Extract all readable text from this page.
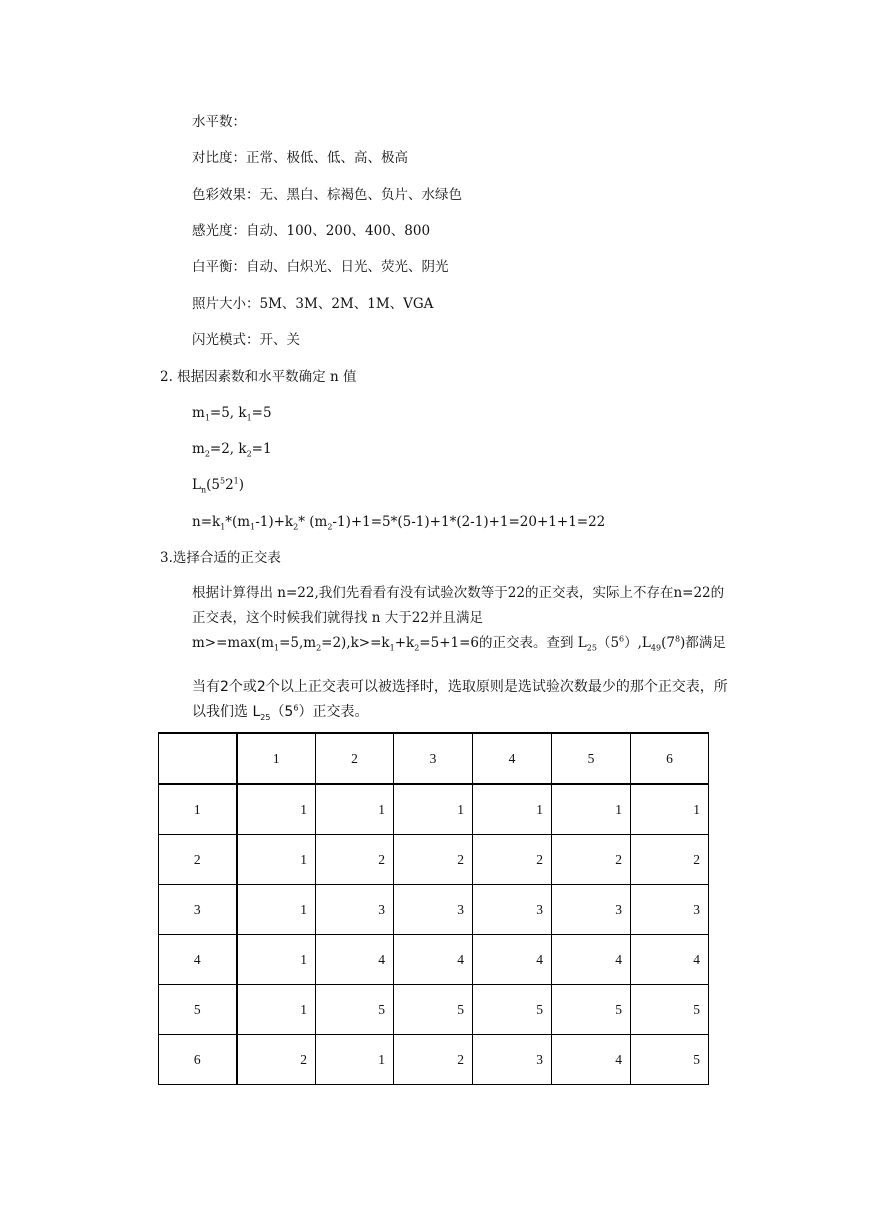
水平数：
对比度：正常、极低、低、高、极高
色彩效果：无、黑白、棕褐色、负片、水绿色
感光度：自动、100、200、400、800
白平衡：自动、白炽光、日光、荧光、阴光
照片大小：5M、3M、2M、1M、VGA
闪光模式：开、关
2. 根据因素数和水平数确定 n 值
$m_1=5$, $k_1=5$
$m_2=2$, $k_2=1$
$L_n(5^52^1)$
$n=k_1*(m_1-1)+k_2*$ $(m_2-1)+1=5*(5-1)+1*(2-1)+1=20+1+1=22$
3.选择合适的正交表
根据计算得出 n=22,我们先看看有没有试验次数等于22的正交表，实际上不存在n=22的正交表，这个时候我们就得找 n 大于22并且满足$m>=\max(m_1=5,m_2=2),k>=k_1+k_2=5+1=6$的正交表。查到 $L_{25}(5^6),L_{49}(7^8)$都满足
当有2个或2个以上正交表可以被选择时，选取原则是选试验次数最少的那个正交表，所以我们选 $L_{25}(5^6)$正交表。
	1	2	3	4	5	6
1	1	1	1	1	1	1
2	1	2	2	2	2	2
3	1	3	3	3	3	3
4	1	4	4	4	4	4
5	1	5	5	5	5	5
6	2	1	2	3	4	5
